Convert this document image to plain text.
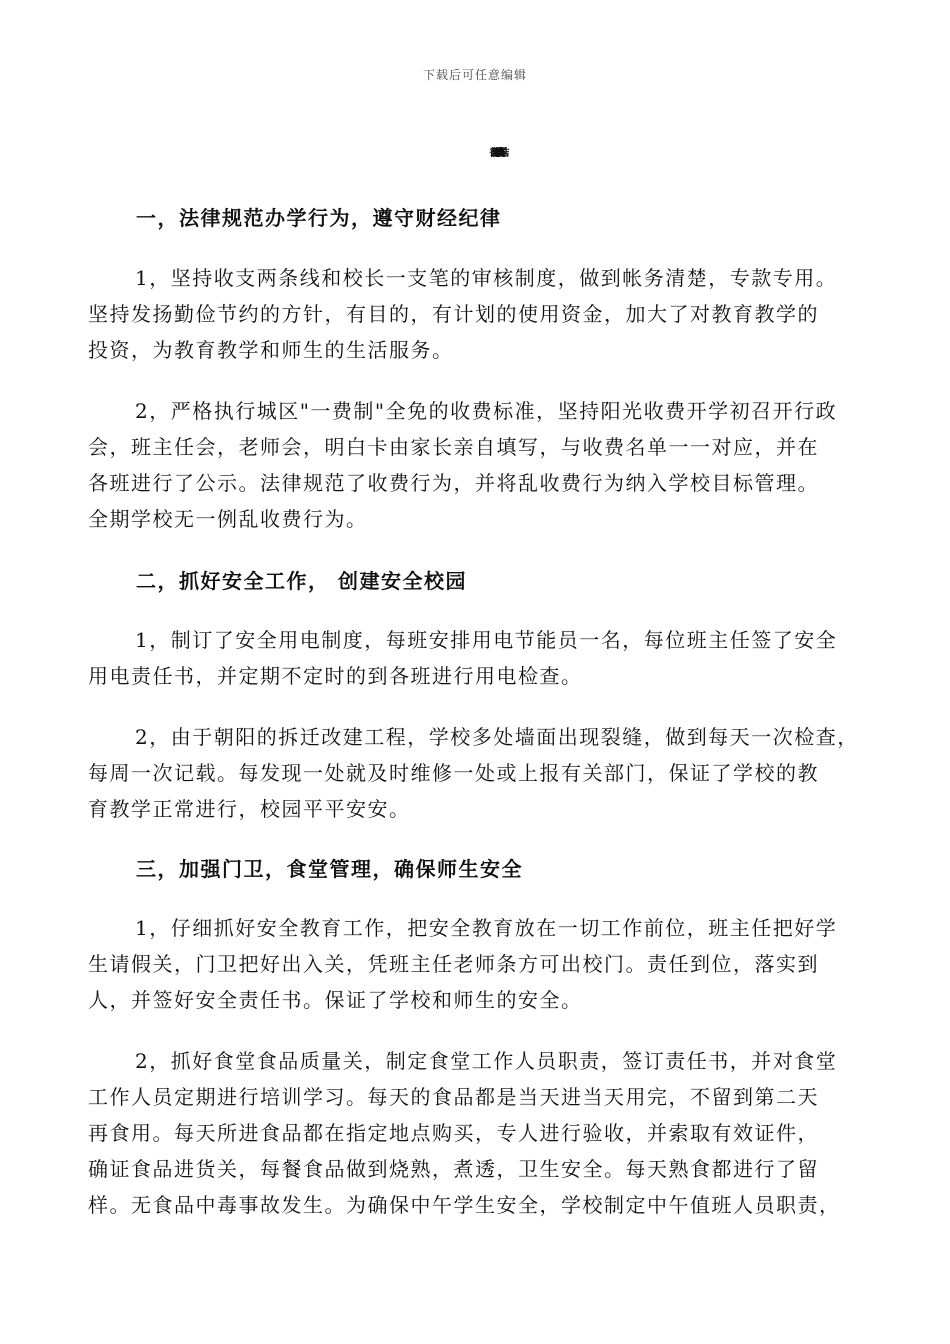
下载后可任意编辑
2024行政部第一季度工作总结
一，法律规范办学行为，遵守财经纪律
1，坚持收支两条线和校长一支笔的审核制度，做到帐务清楚，专款专用。
坚持发扬勤俭节约的方针，有目的，有计划的使用资金，加大了对教育教学的
投资，为教育教学和师生的生活服务。
2，严格执行城区"一费制"全免的收费标准，坚持阳光收费开学初召开行政
会，班主任会，老师会，明白卡由家长亲自填写，与收费名单一一对应，并在
各班进行了公示。法律规范了收费行为，并将乱收费行为纳入学校目标管理。
全期学校无一例乱收费行为。
二，抓好安全工作， 创建安全校园
1，制订了安全用电制度，每班安排用电节能员一名，每位班主任签了安全
用电责任书，并定期不定时的到各班进行用电检查。
2，由于朝阳的拆迁改建工程，学校多处墙面出现裂缝，做到每天一次检查，
每周一次记载。每发现一处就及时维修一处或上报有关部门，保证了学校的教
育教学正常进行，校园平平安安。
三，加强门卫，食堂管理，确保师生安全
1，仔细抓好安全教育工作，把安全教育放在一切工作前位，班主任把好学
生请假关，门卫把好出入关，凭班主任老师条方可出校门。责任到位，落实到
人，并签好安全责任书。保证了学校和师生的安全。
2，抓好食堂食品质量关，制定食堂工作人员职责，签订责任书，并对食堂
工作人员定期进行培训学习。每天的食品都是当天进当天用完，不留到第二天
再食用。每天所进食品都在指定地点购买，专人进行验收，并索取有效证件，
确证食品进货关，每餐食品做到烧熟，煮透，卫生安全。每天熟食都进行了留
样。无食品中毒事故发生。为确保中午学生安全，学校制定中午值班人员职责，
